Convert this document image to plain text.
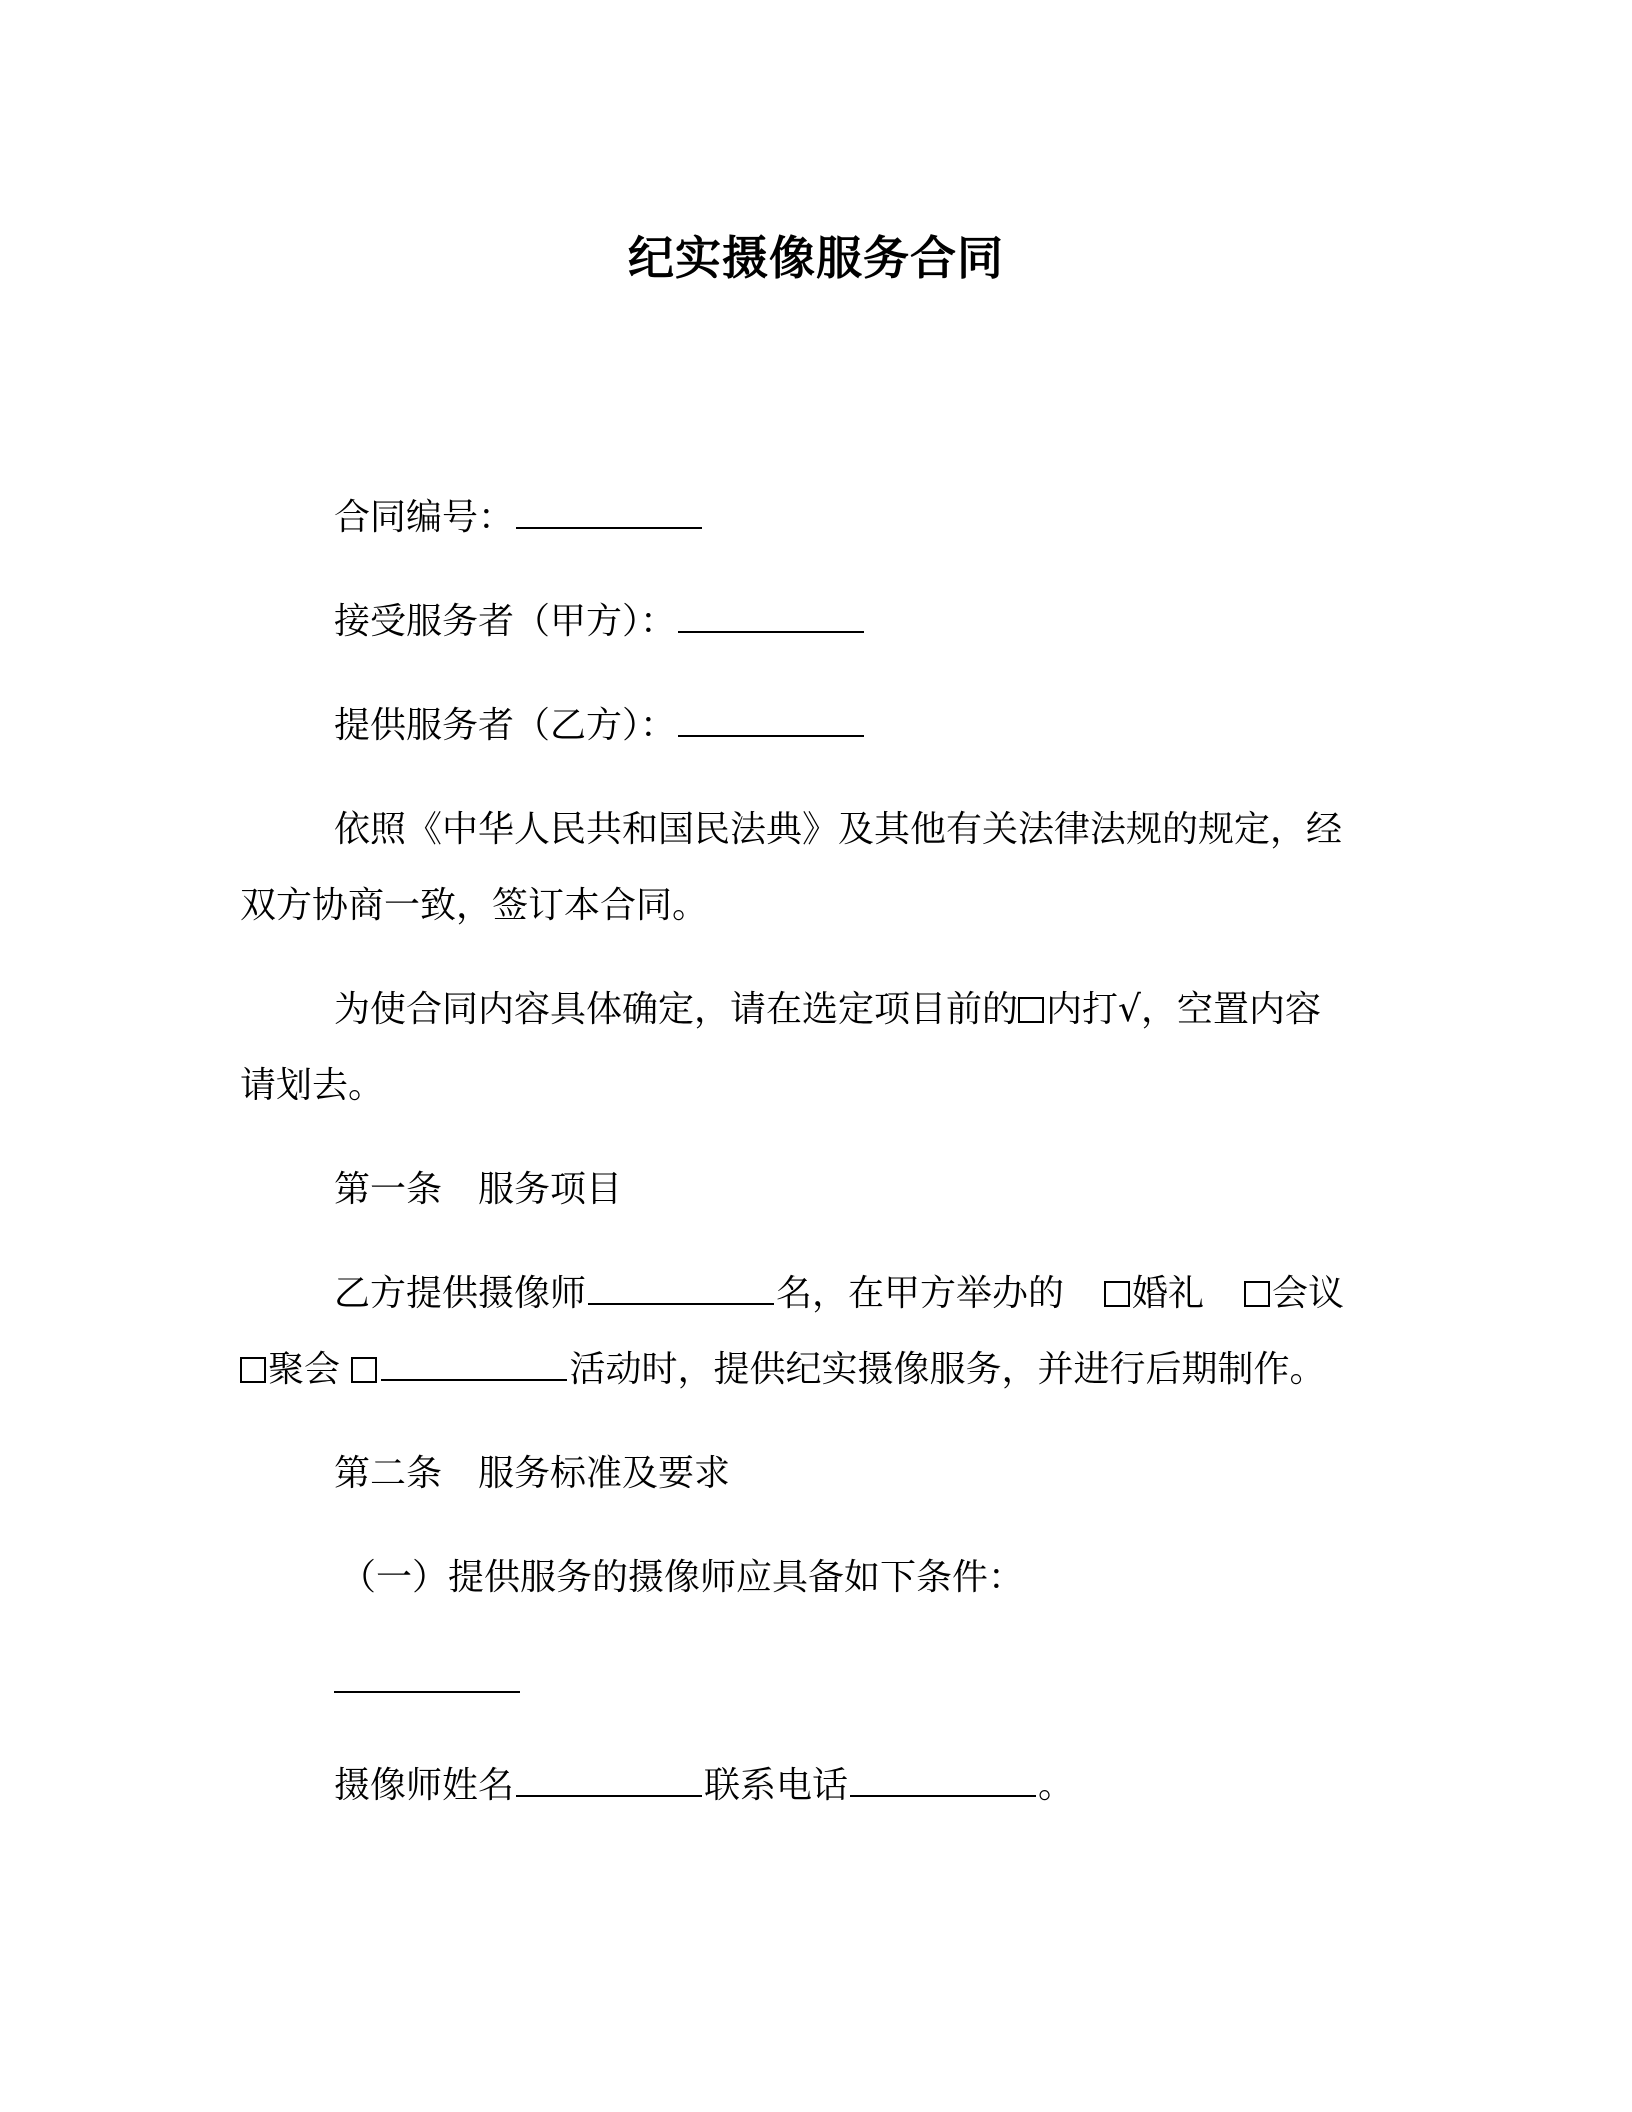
纪实摄像服务合同
合同编号：
接受服务者（甲方）：
提供服务者（乙方）：
依照《中华人民共和国民法典》及其他有关法律法规的规定，经
双方协商一致，签订本合同。
为使合同内容具体确定，请在选定项目前的 内打√，空置内容
请划去。
第一条 服务项目
乙方提供摄像师	名，在甲方举办的 婚礼 会议
聚会	活动时，提供纪实摄像服务，并进行后期制作。
第二条 服务标准及要求
（一）提供服务的摄像师应具备如下条件：
摄像师姓名	联系电话	。
